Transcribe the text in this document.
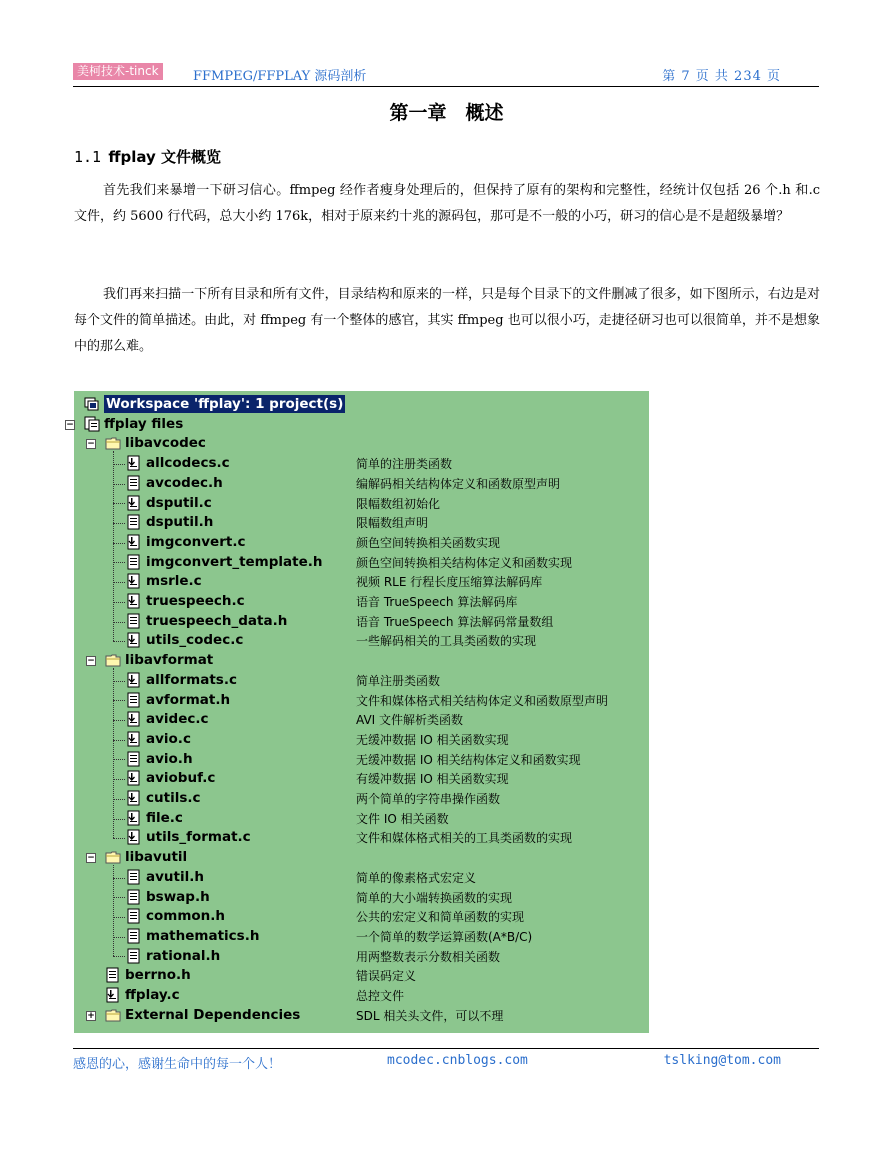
美柯技术-tinck	FFMPEG/FFPLAY 源码剖析	第 7 页 共 234 页
第一章　概述
1.1 ffplay 文件概览

首先我们来暴增一下研习信心。ffmpeg 经作者瘦身处理后的，但保持了原有的架构和完整性，经统计仅包括 26 个.h 和.c 文件，约 5600 行代码，总大小约 176k，相对于原来约十兆的源码包，那可是不一般的小巧，研习的信心是不是超级暴增？

我们再来扫描一下所有目录和所有文件，目录结构和原来的一样，只是每个目录下的文件删减了很多，如下图所示，右边是对每个文件的简单描述。由此，对 ffmpeg 有一个整体的感官，其实 ffmpeg 也可以很小巧，走捷径研习也可以很简单，并不是想象中的那么难。

Workspace 'ffplay': 1 project(s)
− ffplay files
− libavcodec
allcodecs.c	简单的注册类函数
avcodec.h	编解码相关结构体定义和函数原型声明
dsputil.c	限幅数组初始化
dsputil.h	限幅数组声明
imgconvert.c	颜色空间转换相关函数实现
imgconvert_template.h	颜色空间转换相关结构体定义和函数实现
msrle.c	视频 RLE 行程长度压缩算法解码库
truespeech.c	语音 TrueSpeech 算法解码库
truespeech_data.h	语音 TrueSpeech 算法解码常量数组
utils_codec.c	一些解码相关的工具类函数的实现
− libavformat
allformats.c	简单注册类函数
avformat.h	文件和媒体格式相关结构体定义和函数原型声明
avidec.c	AVI 文件解析类函数
avio.c	无缓冲数据 IO 相关函数实现
avio.h	无缓冲数据 IO 相关结构体定义和函数实现
aviobuf.c	有缓冲数据 IO 相关函数实现
cutils.c	两个简单的字符串操作函数
file.c	文件 IO 相关函数
utils_format.c	文件和媒体格式相关的工具类函数的实现
− libavutil
avutil.h	简单的像素格式宏定义
bswap.h	简单的大小端转换函数的实现
common.h	公共的宏定义和简单函数的实现
mathematics.h	一个简单的数学运算函数(A*B/C)
rational.h	用两整数表示分数相关函数
berrno.h	错误码定义
ffplay.c	总控文件
+ External Dependencies	SDL 相关头文件，可以不理
感恩的心，感谢生命中的每一个人！	mcodec.cnblogs.com	tslking@tom.com
